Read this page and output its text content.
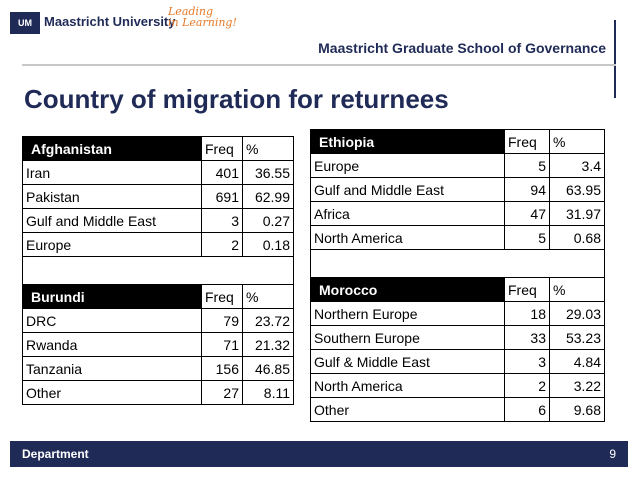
UM Maastricht University
Leading
in Learning!
Maastricht Graduate School of Governance
Country of migration for returnees
Afghanistan	Freq	%
Iran	401	36.55
Pakistan	691	62.99
Gulf and Middle East	3	0.27
Europe	2	0.18

Burundi	Freq	%
DRC	79	23.72
Rwanda	71	21.32
Tanzania	156	46.85
Other	27	8.11
Ethiopia	Freq	%
Europe	5	3.4
Gulf and Middle East	94	63.95
Africa	47	31.97
North America	5	0.68

Morocco	Freq	%
Northern Europe	18	29.03
Southern Europe	33	53.23
Gulf & Middle East	3	4.84
North America	2	3.22
Other	6	9.68
Department	9
